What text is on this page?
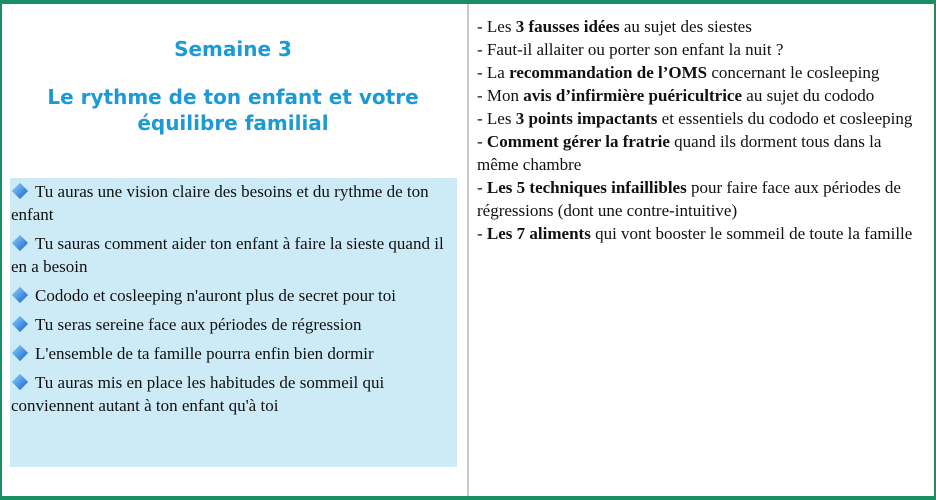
Semaine 3
Le rythme de ton enfant et votre équilibre familial
Tu auras une vision claire des besoins et du rythme de ton enfant
Tu sauras comment aider ton enfant à faire la sieste quand il en a besoin
Cododo et cosleeping n'auront plus de secret pour toi
Tu seras sereine face aux périodes de régression
L'ensemble de ta famille pourra enfin bien dormir
Tu auras mis en place les habitudes de sommeil qui conviennent autant à ton enfant qu'à toi

- Les 3 fausses idées au sujet des siestes

- Faut-il allaiter ou porter son enfant la nuit ?

- La recommandation de l’OMS concernant le cosleeping

- Mon avis d’infirmière puéricultrice au sujet du cododo

- Les 3 points impactants et essentiels du cododo et cosleeping

- Comment gérer la fratrie quand ils dorment tous dans la même chambre

- Les 5 techniques infaillibles pour faire face aux périodes de régressions (dont une contre-intuitive)

- Les 7 aliments qui vont booster le sommeil de toute la famille
